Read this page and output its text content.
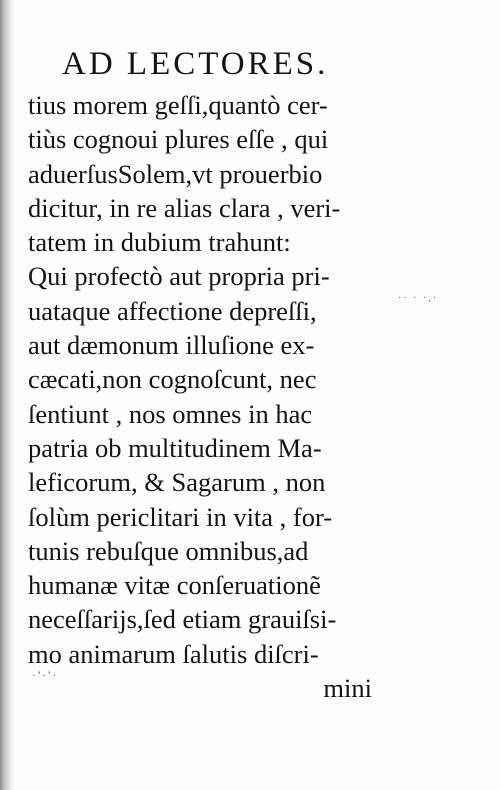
AD LECTORES.
tius morem geſſi,quantò cer-
tiùs cognoui plures eſſe , qui
aduerſusSolem,vt prouerbio
dicitur, in re alias clara , veri-
tatem in dubium trahunt:
Qui profectò aut propria pri-
uataque affectione depreſſi,
aut dæmonum illuſione ex-
cæcati,non cognoſcunt, nec
ſentiunt , nos omnes in hac
patria ob multitudinem Ma-
leficorum, & Sagarum , non
ſolùm periclitari in vita , for-
tunis rebuſque omnibus,ad
humanæ vitæ conſeruationẽ
neceſſarijs,ſed etiam grauiſsi-
mo animarum ſalutis diſcri-
mini
·· · ·,·
·'·'·
